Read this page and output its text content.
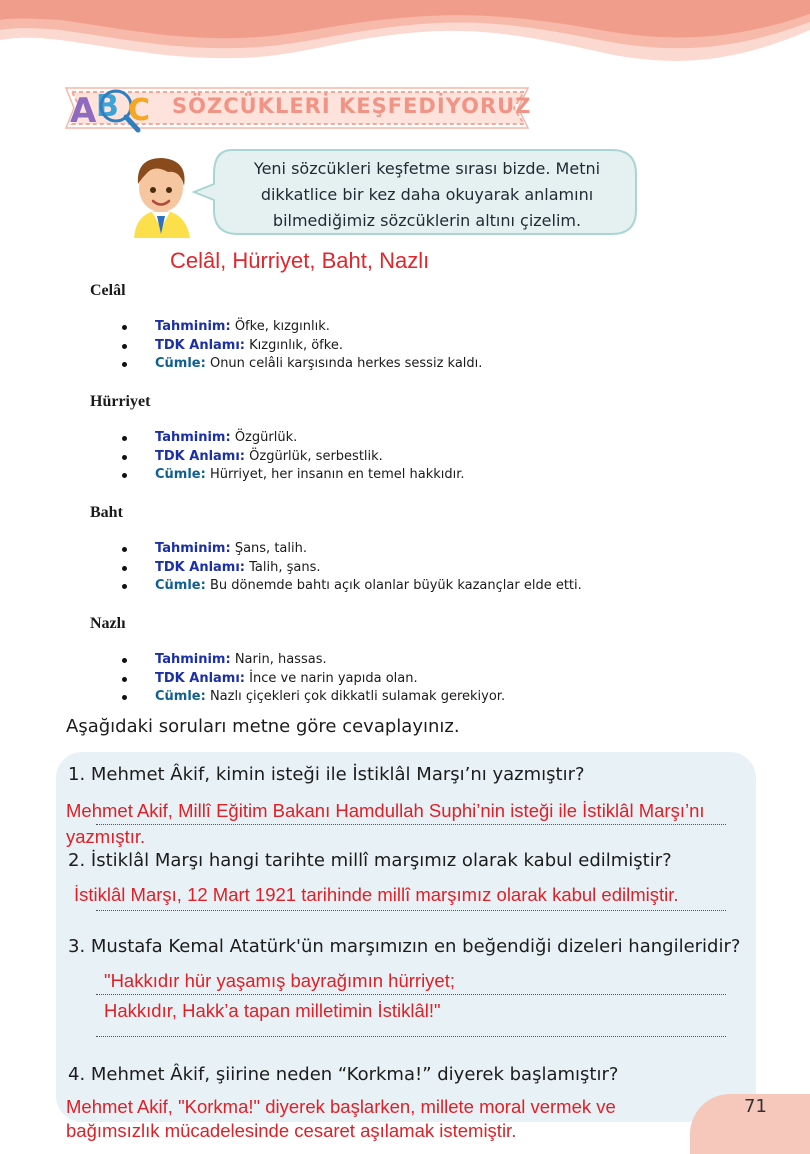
A B C SÖZCÜKLERİ KEŞFEDİYORUZ
Yeni sözcükleri keşfetme sırası bizde. Metni
dikkatlice bir kez daha okuyarak anlamını
bilmediğimiz sözcüklerin altını çizelim.
Celâl, Hürriyet, Baht, Nazlı
Celâl
Tahminim: Öfke, kızgınlık.
TDK Anlamı: Kızgınlık, öfke.
Cümle: Onun celâli karşısında herkes sessiz kaldı.
Hürriyet
Tahminim: Özgürlük.
TDK Anlamı: Özgürlük, serbestlik.
Cümle: Hürriyet, her insanın en temel hakkıdır.
Baht
Tahminim: Şans, talih.
TDK Anlamı: Talih, şans.
Cümle: Bu dönemde bahtı açık olanlar büyük kazançlar elde etti.
Nazlı
Tahminim: Narin, hassas.
TDK Anlamı: İnce ve narin yapıda olan.
Cümle: Nazlı çiçekleri çok dikkatli sulamak gerekiyor.
Aşağıdaki soruları metne göre cevaplayınız.
1. Mehmet Âkif, kimin isteği ile İstiklâl Marşı’nı yazmıştır?
Mehmet Akif, Millî Eğitim Bakanı Hamdullah Suphi’nin isteği ile İstiklâl Marşı’nı
yazmıştır.
2. İstiklâl Marşı hangi tarihte millî marşımız olarak kabul edilmiştir?
İstiklâl Marşı, 12 Mart 1921 tarihinde millî marşımız olarak kabul edilmiştir.
3. Mustafa Kemal Atatürk'ün marşımızın en beğendiği dizeleri hangileridir?
"Hakkıdır hür yaşamış bayrağımın hürriyet;
Hakkıdır, Hakk’a tapan milletimin İstiklâl!"
4. Mehmet Âkif, şiirine neden “Korkma!” diyerek başlamıştır?
71
Mehmet Akif, "Korkma!" diyerek başlarken, millete moral vermek ve
bağımsızlık mücadelesinde cesaret aşılamak istemiştir.
